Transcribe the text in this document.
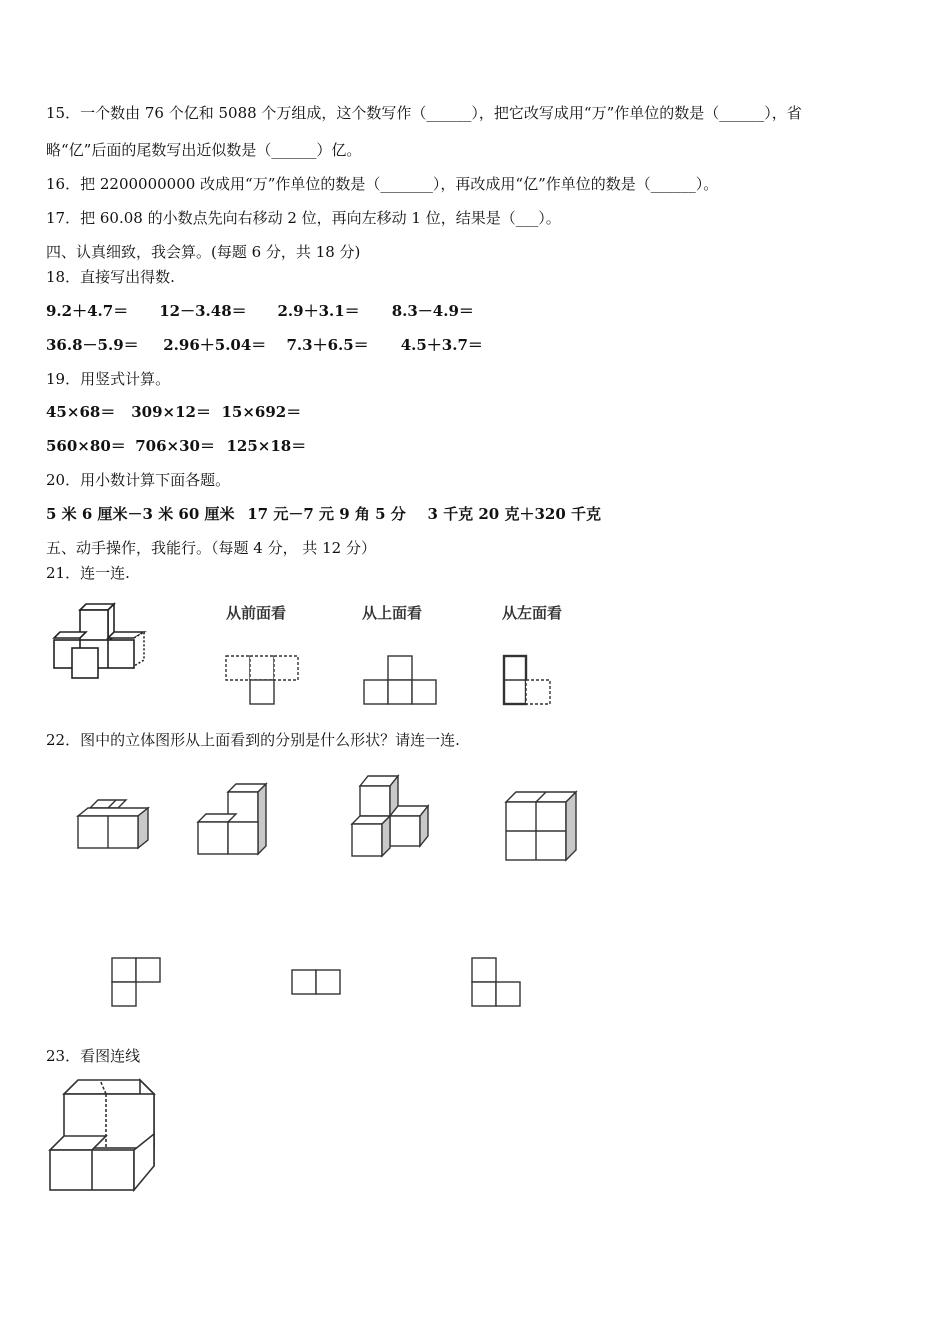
15．一个数由 76 个亿和 5088 个万组成，这个数写作（______），把它改写成用“万”作单位的数是（______），省
略“亿”后面的尾数写出近似数是（______）亿。
16．把 2200000000 改成用“万”作单位的数是（_______），再改成用“亿”作单位的数是（______）。
17．把 60.08 的小数点先向右移动 2 位，再向左移动 1 位，结果是（___）。
四、认真细致，我会算。(每题 6 分，共 18 分)
18．直接写出得数.
9.2＋4.7＝ 12－3.48＝ 2.9＋3.1＝ 8.3－4.9＝
36.8－5.9＝ 2.96＋5.04＝ 7.3＋6.5＝ 4.5＋3.7＝
19．用竖式计算。
45×68＝ 309×12＝ 15×692＝
560×80＝ 706×30＝ 125×18＝
20．用小数计算下面各题。
5 米 6 厘米－3 米 60 厘米 17 元－7 元 9 角 5 分 3 千克 20 克＋320 千克
五、动手操作，我能行。（每题 4 分， 共 12 分）
21．连一连.
从前面看	从上面看	从左面看
22．图中的立体图形从上面看到的分别是什么形状？请连一连.
23．看图连线
